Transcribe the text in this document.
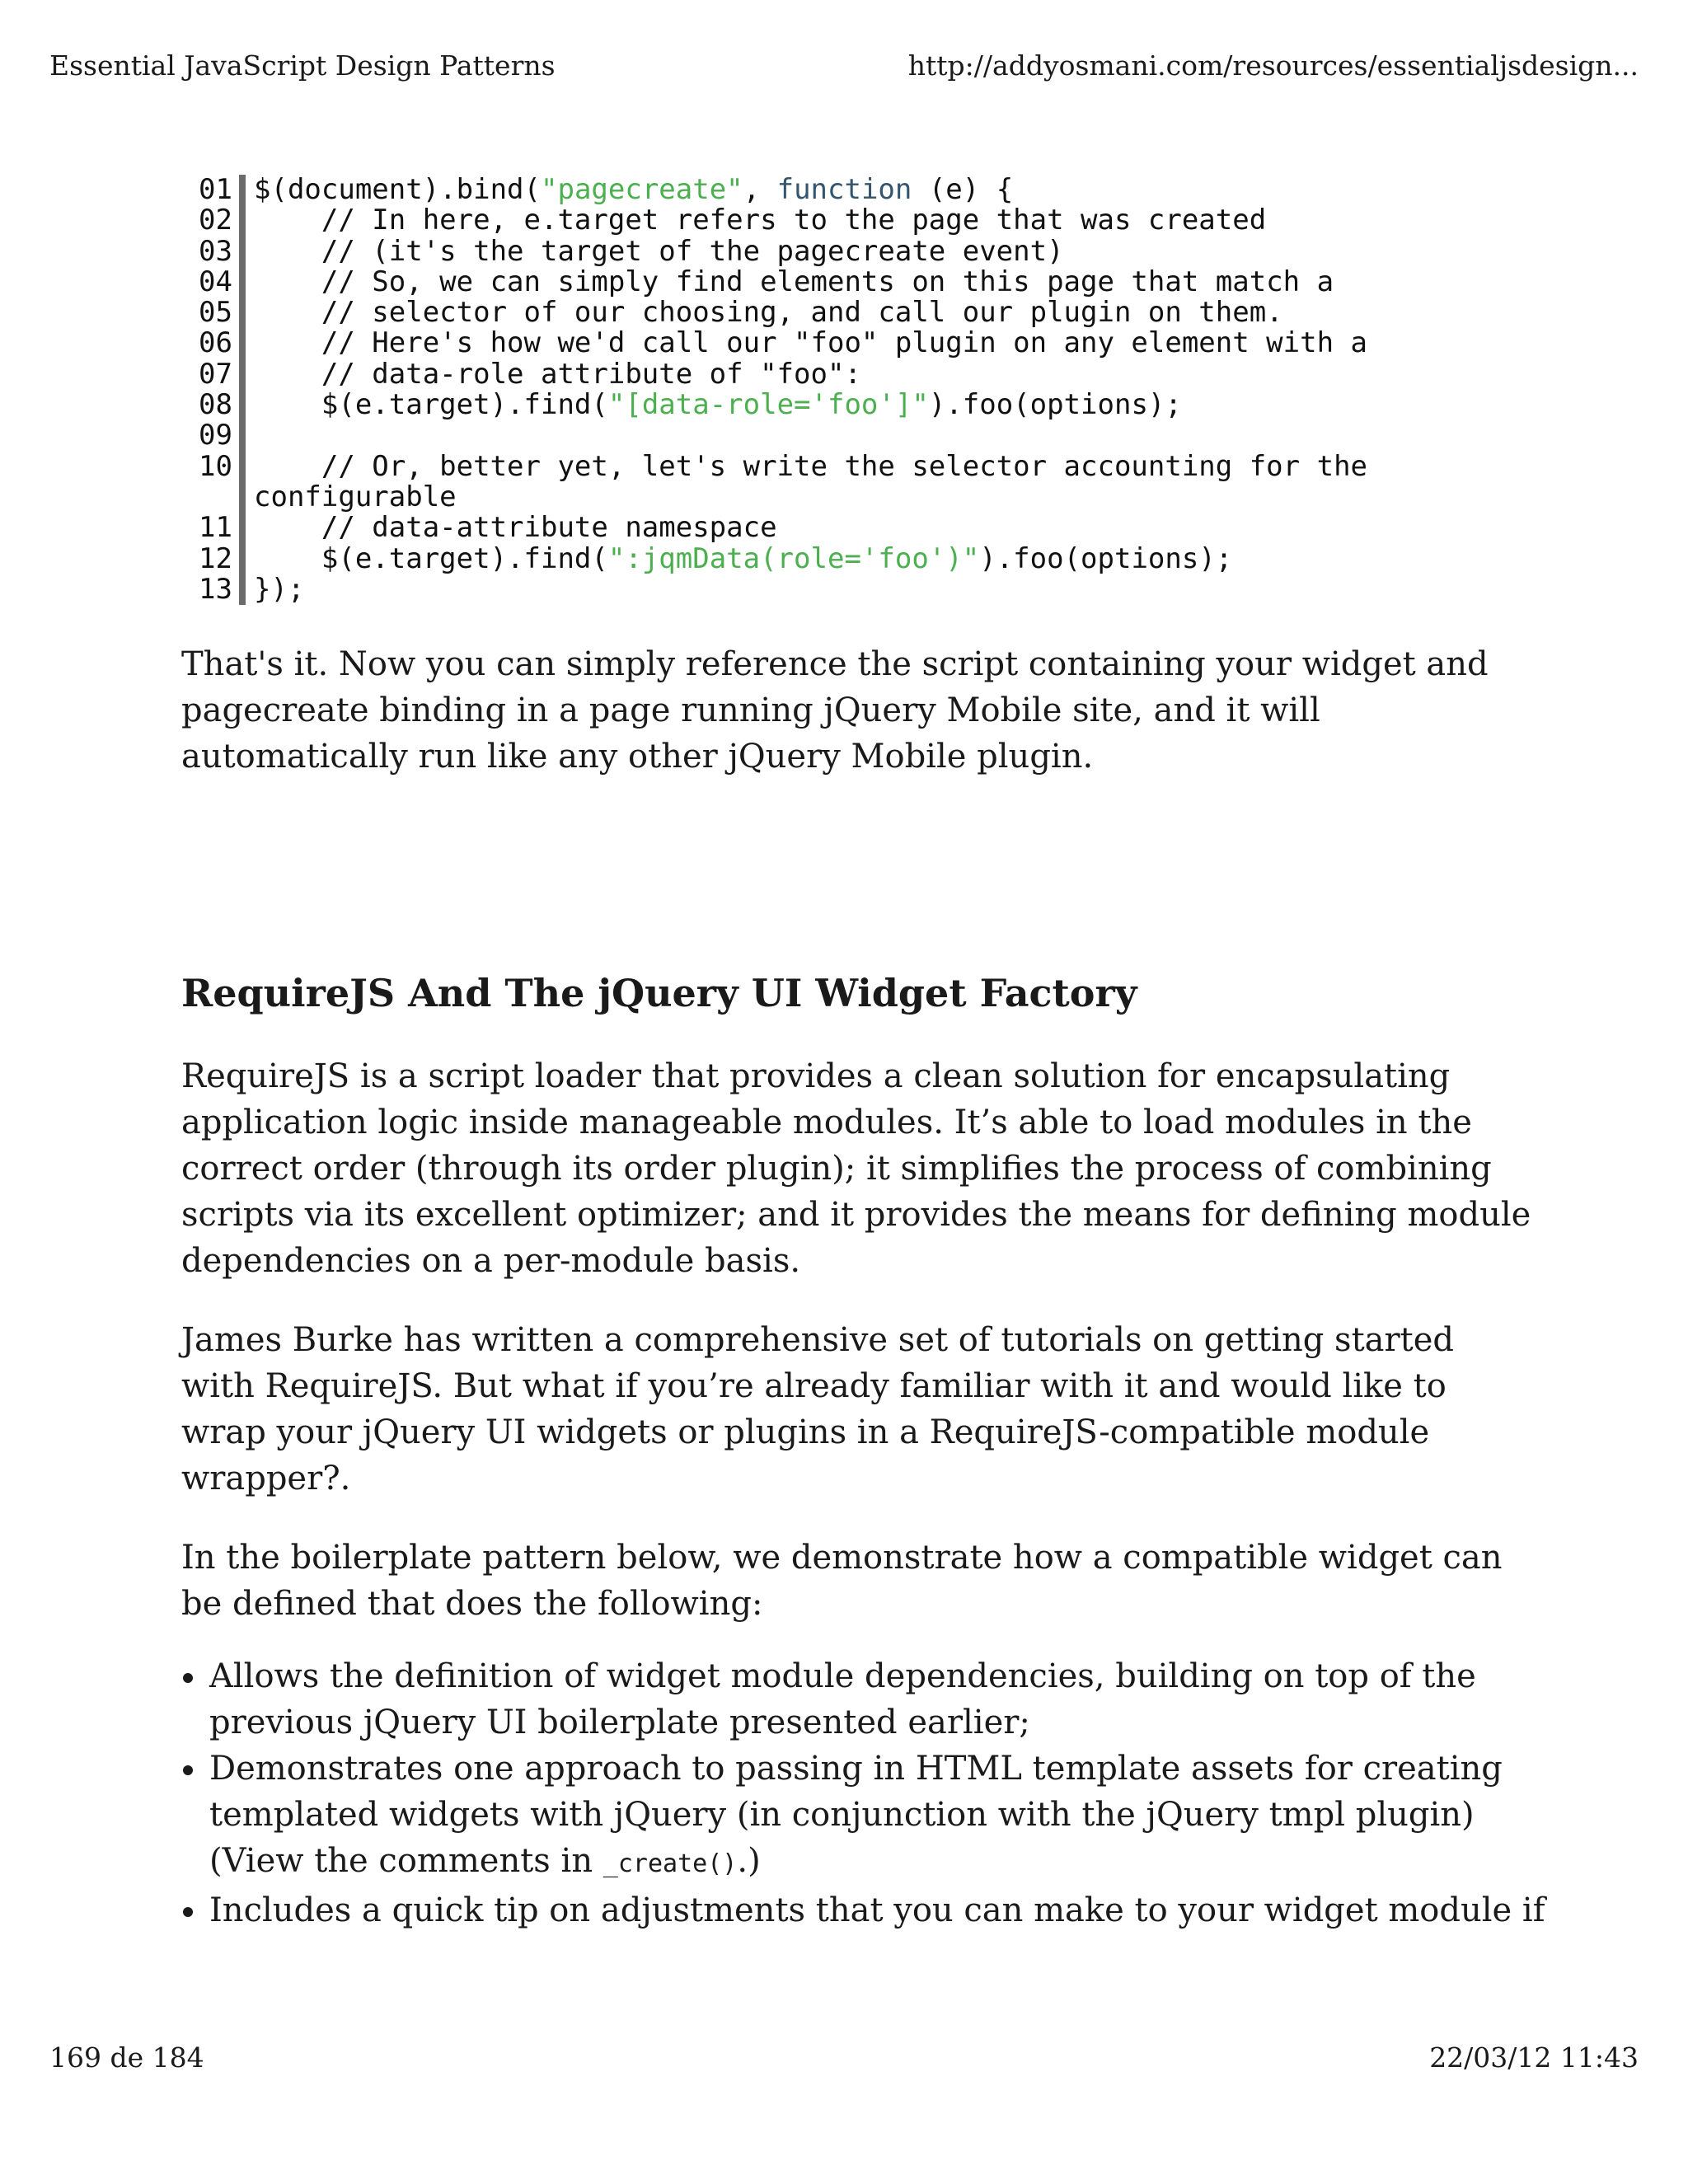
Essential JavaScript Design Patterns	http://addyosmani.com/resources/essentialjsdesign...
01 $(document).bind("pagecreate", function (e) {
02 // In here, e.target refers to the page that was created
03 // (it's the target of the pagecreate event)
04 // So, we can simply find elements on this page that match a
05 // selector of our choosing, and call our plugin on them.
06 // Here's how we'd call our "foo" plugin on any element with a
07 // data-role attribute of "foo":
08 $(e.target).find("[data-role='foo']").foo(options);
09

10 // Or, better yet, let's write the selector accounting for the
configurable
11 // data-attribute namespace
12 $(e.target).find(":jqmData(role='foo')").foo(options);
13 });

That's it. Now you can simply reference the script containing your widget and pagecreate binding in a page running jQuery Mobile site, and it will automatically run like any other jQuery Mobile plugin.

RequireJS And The jQuery UI Widget Factory

RequireJS is a script loader that provides a clean solution for encapsulating application logic inside manageable modules. It’s able to load modules in the correct order (through its order plugin); it simplifies the process of combining scripts via its excellent optimizer; and it provides the means for defining module dependencies on a per-module basis.

James Burke has written a comprehensive set of tutorials on getting started with RequireJS. But what if you’re already familiar with it and would like to wrap your jQuery UI widgets or plugins in a RequireJS-compatible module wrapper?.

In the boilerplate pattern below, we demonstrate how a compatible widget can be defined that does the following:

Allows the definition of widget module dependencies, building on top of the previous jQuery UI boilerplate presented earlier;
Demonstrates one approach to passing in HTML template assets for creating templated widgets with jQuery (in conjunction with the jQuery tmpl plugin) (View the comments in _create().)
Includes a quick tip on adjustments that you can make to your widget module if
169 de 184	22/03/12 11:43
